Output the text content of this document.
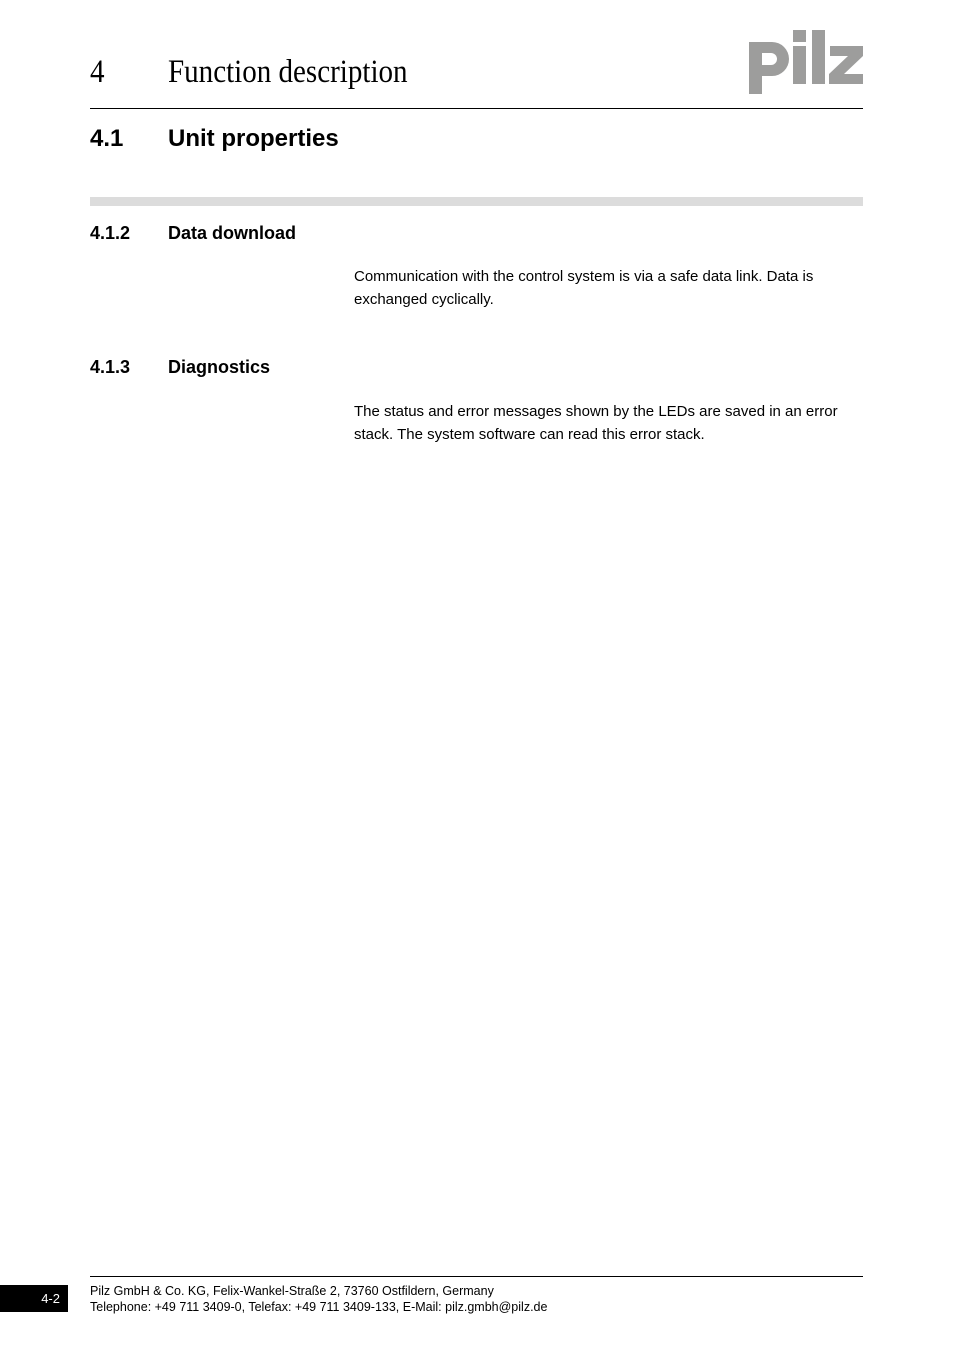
4 Function description
4.1 Unit properties
4.1.2 Data download
Communication with the control system is via a safe data link. Data is exchanged cyclically.
4.1.3 Diagnostics
The status and error messages shown by the LEDs are saved in an error stack. The system software can read this error stack.
4-2	Pilz GmbH & Co. KG, Felix-Wankel-Straße 2, 73760 Ostfildern, Germany
Telephone: +49 711 3409-0, Telefax: +49 711 3409-133, E-Mail: pilz.gmbh@pilz.de
